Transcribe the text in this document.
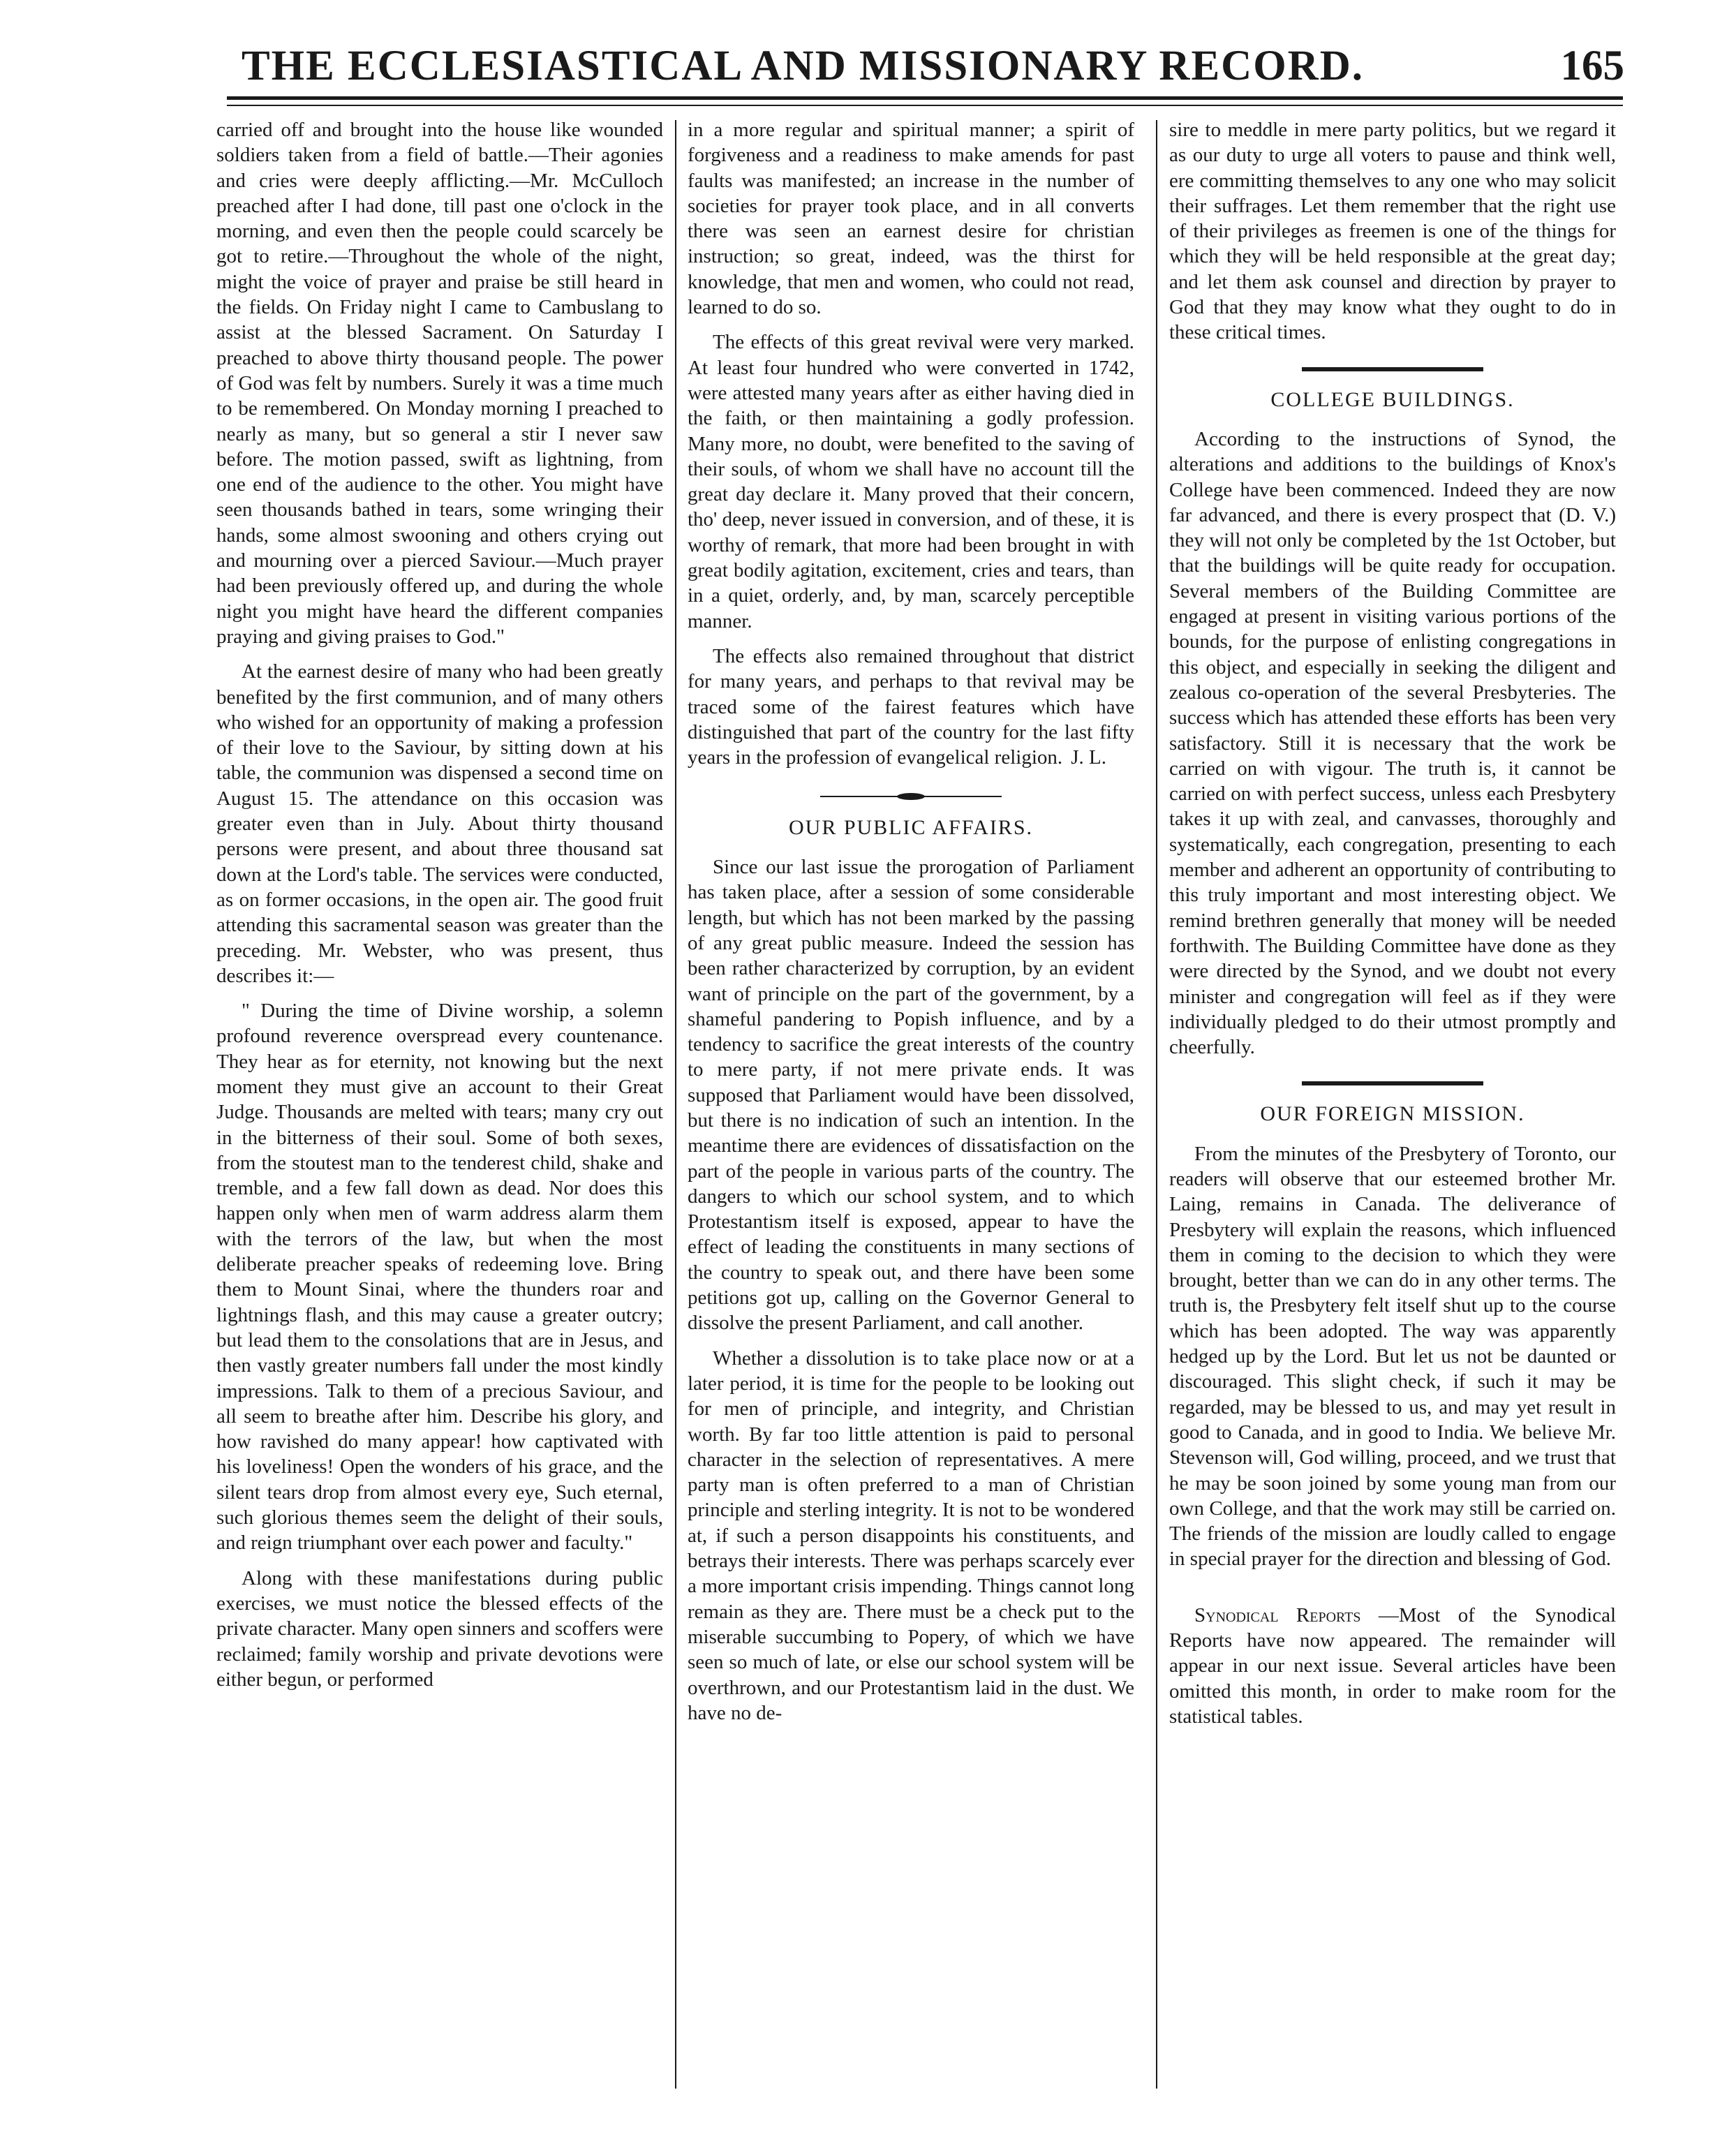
THE ECCLESIASTICAL AND MISSIONARY RECORD.	165

carried off and brought into the house like wounded soldiers taken from a field of battle.—Their agonies and cries were deeply afflicting.—Mr. McCulloch preached after I had done, till past one o'clock in the morning, and even then the people could scarcely be got to retire.—Throughout the whole of the night, might the voice of prayer and praise be still heard in the fields. On Friday night I came to Cambuslang to assist at the blessed Sacrament. On Saturday I preached to above thirty thousand people. The power of God was felt by numbers. Surely it was a time much to be remembered. On Monday morning I preached to nearly as many, but so general a stir I never saw before. The motion passed, swift as lightning, from one end of the audience to the other. You might have seen thousands bathed in tears, some wringing their hands, some almost swooning and others crying out and mourning over a pierced Saviour.—Much prayer had been previously offered up, and during the whole night you might have heard the different companies praying and giving praises to God."

At the earnest desire of many who had been greatly benefited by the first communion, and of many others who wished for an opportunity of making a profession of their love to the Saviour, by sitting down at his table, the communion was dispensed a second time on August 15. The attendance on this occasion was greater even than in July. About thirty thousand persons were present, and about three thousand sat down at the Lord's table. The services were conducted, as on former occasions, in the open air. The good fruit attending this sacramental season was greater than the preceding. Mr. Webster, who was present, thus describes it:—

" During the time of Divine worship, a solemn profound reverence overspread every countenance. They hear as for eternity, not knowing but the next moment they must give an account to their Great Judge. Thousands are melted with tears; many cry out in the bitterness of their soul. Some of both sexes, from the stoutest man to the tenderest child, shake and tremble, and a few fall down as dead. Nor does this happen only when men of warm address alarm them with the terrors of the law, but when the most deliberate preacher speaks of redeeming love. Bring them to Mount Sinai, where the thunders roar and lightnings flash, and this may cause a greater outcry; but lead them to the consolations that are in Jesus, and then vastly greater numbers fall under the most kindly impressions. Talk to them of a precious Saviour, and all seem to breathe after him. Describe his glory, and how ravished do many appear! how captivated with his loveliness! Open the wonders of his grace, and the silent tears drop from almost every eye, Such eternal, such glorious themes seem the delight of their souls, and reign triumphant over each power and faculty."

Along with these manifestations during public exercises, we must notice the blessed effects of the private character. Many open sinners and scoffers were reclaimed; family worship and private devotions were either begun, or performed

in a more regular and spiritual manner; a spirit of forgiveness and a readiness to make amends for past faults was manifested; an increase in the number of societies for prayer took place, and in all converts there was seen an earnest desire for christian instruction; so great, indeed, was the thirst for knowledge, that men and women, who could not read, learned to do so.

The effects of this great revival were very marked. At least four hundred who were converted in 1742, were attested many years after as either having died in the faith, or then maintaining a godly profession. Many more, no doubt, were benefited to the saving of their souls, of whom we shall have no account till the great day declare it. Many proved that their concern, tho' deep, never issued in conversion, and of these, it is worthy of remark, that more had been brought in with great bodily agitation, excitement, cries and tears, than in a quiet, orderly, and, by man, scarcely perceptible manner.

The effects also remained throughout that district for many years, and perhaps to that revival may be traced some of the fairest features which have distinguished that part of the country for the last fifty years in the profession of evangelical religion. J. L.

OUR PUBLIC AFFAIRS.

Since our last issue the prorogation of Parliament has taken place, after a session of some considerable length, but which has not been marked by the passing of any great public measure. Indeed the session has been rather characterized by corruption, by an evident want of principle on the part of the government, by a shameful pandering to Popish influence, and by a tendency to sacrifice the great interests of the country to mere party, if not mere private ends. It was supposed that Parliament would have been dissolved, but there is no indication of such an intention. In the meantime there are evidences of dissatisfaction on the part of the people in various parts of the country. The dangers to which our school system, and to which Protestantism itself is exposed, appear to have the effect of leading the constituents in many sections of the country to speak out, and there have been some petitions got up, calling on the Governor General to dissolve the present Parliament, and call another.

Whether a dissolution is to take place now or at a later period, it is time for the people to be looking out for men of principle, and integrity, and Christian worth. By far too little attention is paid to personal character in the selection of representatives. A mere party man is often preferred to a man of Christian principle and sterling integrity. It is not to be wondered at, if such a person disappoints his constituents, and betrays their interests. There was perhaps scarcely ever a more important crisis impending. Things cannot long remain as they are. There must be a check put to the miserable succumbing to Popery, of which we have seen so much of late, or else our school system will be overthrown, and our Protestantism laid in the dust. We have no de-

sire to meddle in mere party politics, but we regard it as our duty to urge all voters to pause and think well, ere committing themselves to any one who may solicit their suffrages. Let them remember that the right use of their privileges as freemen is one of the things for which they will be held responsible at the great day; and let them ask counsel and direction by prayer to God that they may know what they ought to do in these critical times.

COLLEGE BUILDINGS.

According to the instructions of Synod, the alterations and additions to the buildings of Knox's College have been commenced. Indeed they are now far advanced, and there is every prospect that (D. V.) they will not only be completed by the 1st October, but that the buildings will be quite ready for occupation. Several members of the Building Committee are engaged at present in visiting various portions of the bounds, for the purpose of enlisting congregations in this object, and especially in seeking the diligent and zealous co-operation of the several Presbyteries. The success which has attended these efforts has been very satisfactory. Still it is necessary that the work be carried on with vigour. The truth is, it cannot be carried on with perfect success, unless each Presbytery takes it up with zeal, and canvasses, thoroughly and systematically, each congregation, presenting to each member and adherent an opportunity of contributing to this truly important and most interesting object. We remind brethren generally that money will be needed forthwith. The Building Committee have done as they were directed by the Synod, and we doubt not every minister and congregation will feel as if they were individually pledged to do their utmost promptly and cheerfully.

OUR FOREIGN MISSION.

From the minutes of the Presbytery of Toronto, our readers will observe that our esteemed brother Mr. Laing, remains in Canada. The deliverance of Presbytery will explain the reasons, which influenced them in coming to the decision to which they were brought, better than we can do in any other terms. The truth is, the Presbytery felt itself shut up to the course which has been adopted. The way was apparently hedged up by the Lord. But let us not be daunted or discouraged. This slight check, if such it may be regarded, may be blessed to us, and may yet result in good to Canada, and in good to India. We believe Mr. Stevenson will, God willing, proceed, and we trust that he may be soon joined by some young man from our own College, and that the work may still be carried on. The friends of the mission are loudly called to engage in special prayer for the direction and blessing of God.

Synodical Reports —Most of the Synodical Reports have now appeared. The remainder will appear in our next issue. Several articles have been omitted this month, in order to make room for the statistical tables.
